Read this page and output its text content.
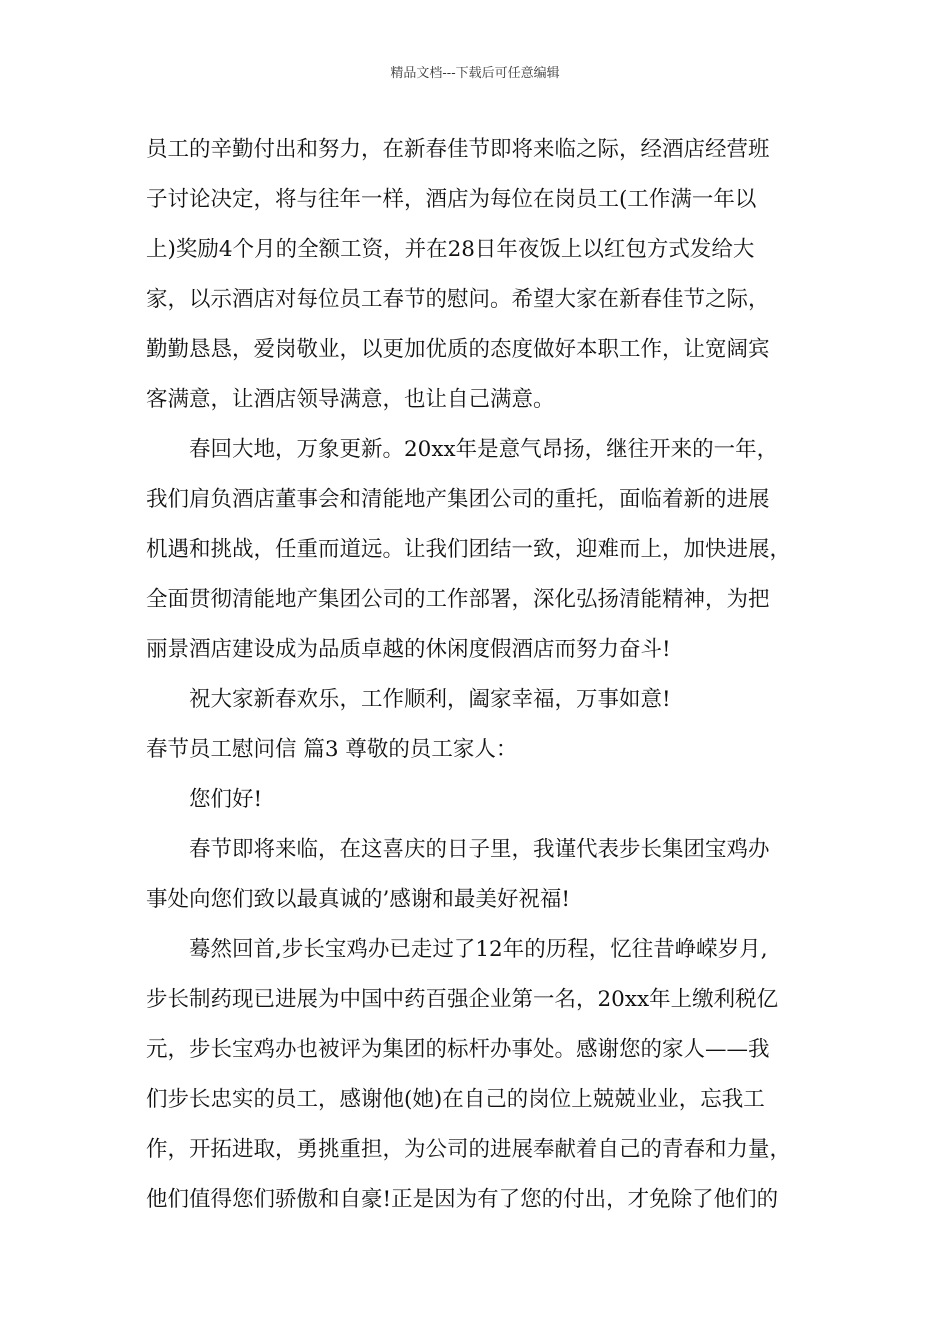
精品文档---下载后可任意编辑
员工的辛勤付出和努力，在新春佳节即将来临之际，经酒店经营班
子讨论决定，将与往年一样，酒店为每位在岗员工(工作满一年以
上)奖励4个月的全额工资，并在28日年夜饭上以红包方式发给大
家，以示酒店对每位员工春节的慰问。希望大家在新春佳节之际，
勤勤恳恳，爱岗敬业，以更加优质的态度做好本职工作，让宽阔宾
客满意，让酒店领导满意，也让自己满意。
春回大地，万象更新。20xx年是意气昂扬，继往开来的一年，
我们肩负酒店董事会和清能地产集团公司的重托，面临着新的进展
机遇和挑战，任重而道远。让我们团结一致，迎难而上，加快进展，
全面贯彻清能地产集团公司的工作部署，深化弘扬清能精神，为把
丽景酒店建设成为品质卓越的休闲度假酒店而努力奋斗!
祝大家新春欢乐，工作顺利，阖家幸福，万事如意!
春节员工慰问信 篇3 尊敬的员工家人：
您们好!
春节即将来临，在这喜庆的日子里，我谨代表步长集团宝鸡办
事处向您们致以最真诚的’感谢和最美好祝福!
蓦然回首,步长宝鸡办已走过了12年的历程，忆往昔峥嵘岁月,
步长制药现已进展为中国中药百强企业第一名，20xx年上缴利税亿
元，步长宝鸡办也被评为集团的标杆办事处。感谢您的家人——我
们步长忠实的员工，感谢他(她)在自己的岗位上兢兢业业，忘我工
作，开拓进取，勇挑重担，为公司的进展奉献着自己的青春和力量，
他们值得您们骄傲和自豪!正是因为有了您的付出，才免除了他们的
